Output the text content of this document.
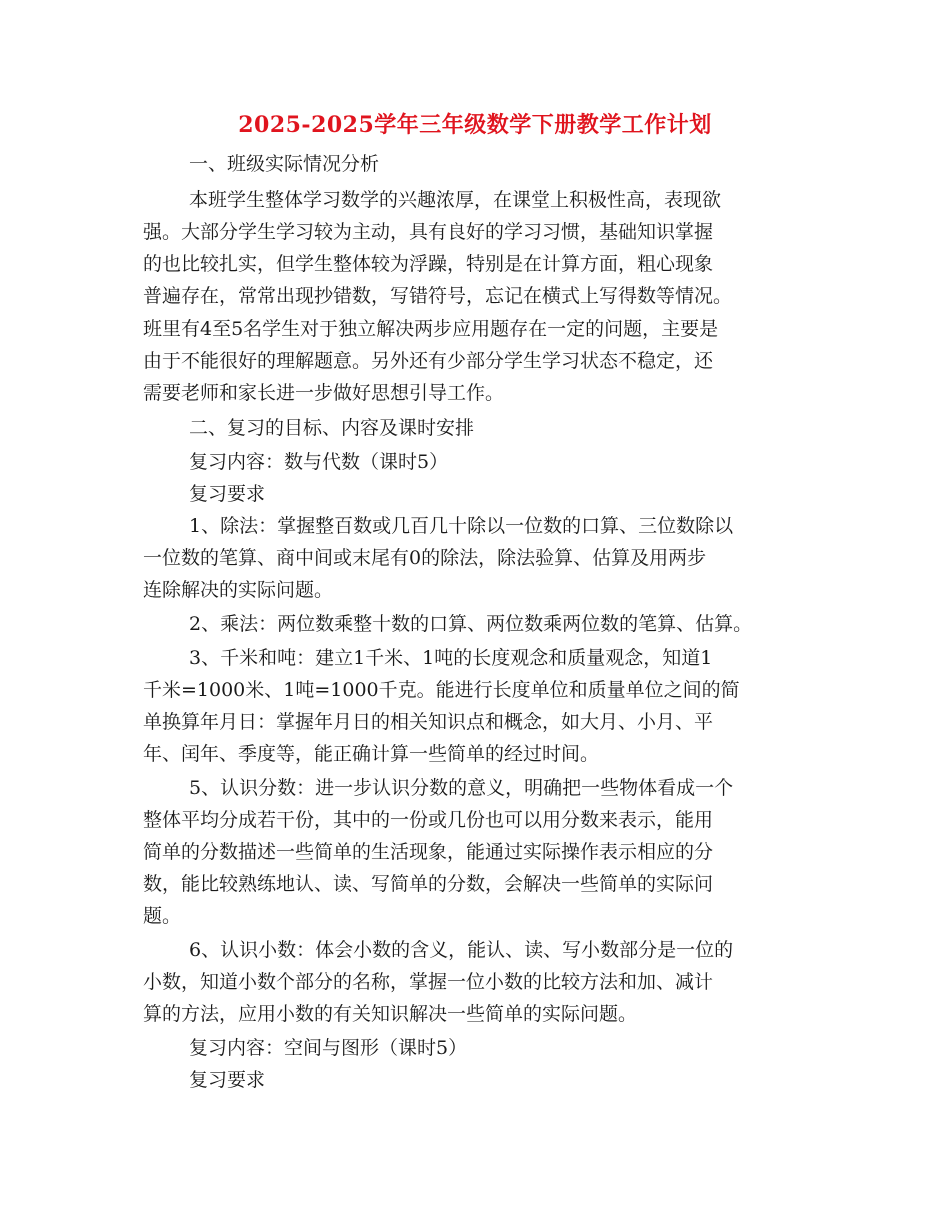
2025-2025学年三年级数学下册教学工作计划
一、班级实际情况分析
本班学生整体学习数学的兴趣浓厚，在课堂上积极性高，表现欲
强。大部分学生学习较为主动，具有良好的学习习惯，基础知识掌握
的也比较扎实，但学生整体较为浮躁，特别是在计算方面，粗心现象
普遍存在，常常出现抄错数，写错符号，忘记在横式上写得数等情况。
班里有4至5名学生对于独立解决两步应用题存在一定的问题，主要是
由于不能很好的理解题意。另外还有少部分学生学习状态不稳定，还
需要老师和家长进一步做好思想引导工作。
二、复习的目标、内容及课时安排
复习内容：数与代数（课时5）
复习要求
1、除法：掌握整百数或几百几十除以一位数的口算、三位数除以
一位数的笔算、商中间或末尾有0的除法，除法验算、估算及用两步
连除解决的实际问题。
2、乘法：两位数乘整十数的口算、两位数乘两位数的笔算、估算。
3、千米和吨：建立1千米、1吨的长度观念和质量观念，知道1
千米=1000米、1吨=1000千克。能进行长度单位和质量单位之间的简
单换算年月日：掌握年月日的相关知识点和概念，如大月、小月、平
年、闰年、季度等，能正确计算一些简单的经过时间。
5、认识分数：进一步认识分数的意义，明确把一些物体看成一个
整体平均分成若干份，其中的一份或几份也可以用分数来表示，能用
简单的分数描述一些简单的生活现象，能通过实际操作表示相应的分
数，能比较熟练地认、读、写简单的分数，会解决一些简单的实际问
题。
6、认识小数：体会小数的含义，能认、读、写小数部分是一位的
小数，知道小数个部分的名称，掌握一位小数的比较方法和加、减计
算的方法，应用小数的有关知识解决一些简单的实际问题。
复习内容：空间与图形（课时5）
复习要求
